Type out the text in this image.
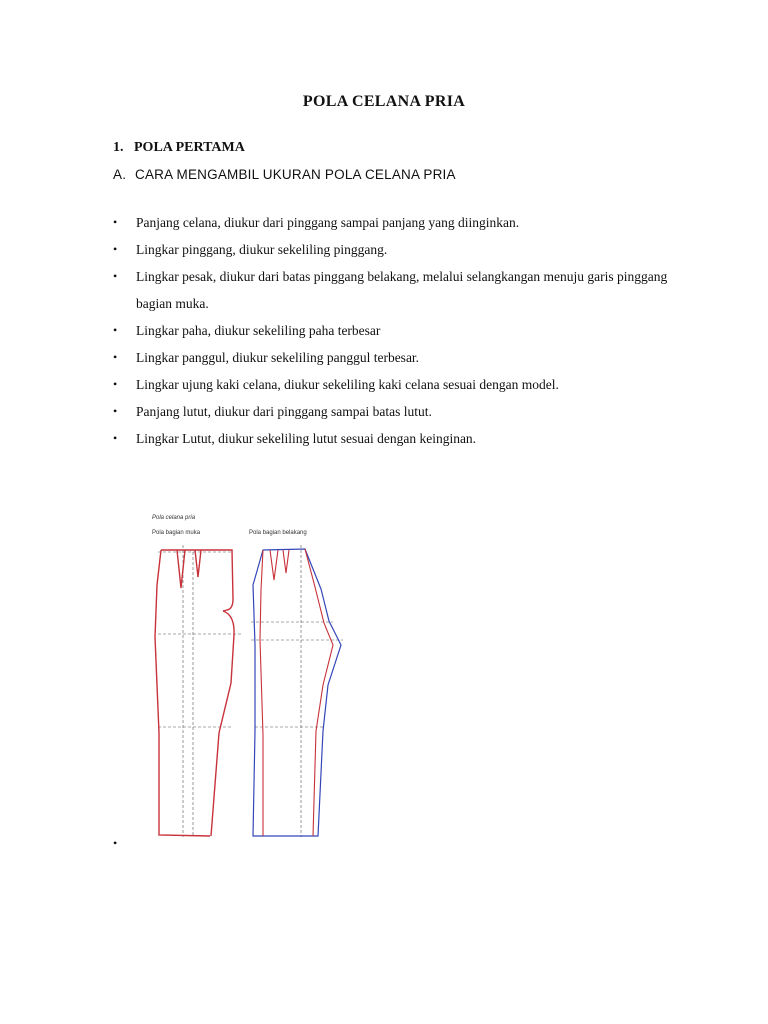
POLA CELANA PRIA
1. POLA PERTAMA
A. CARA MENGAMBIL UKURAN POLA CELANA PRIA
• Panjang celana, diukur dari pinggang sampai panjang yang diinginkan.
• Lingkar pinggang, diukur sekeliling pinggang.
• Lingkar pesak, diukur dari batas pinggang belakang, melalui selangkangan menuju garis pinggang bagian muka.
• Lingkar paha, diukur sekeliling paha terbesar
• Lingkar panggul, diukur sekeliling panggul terbesar.
• Lingkar ujung kaki celana, diukur sekeliling kaki celana sesuai dengan model.
• Panjang lutut, diukur dari pinggang sampai batas lutut.
• Lingkar Lutut, diukur sekeliling lutut sesuai dengan keinginan.
Pola celana pria
Pola bagian muka	Pola bagian belakang
•
